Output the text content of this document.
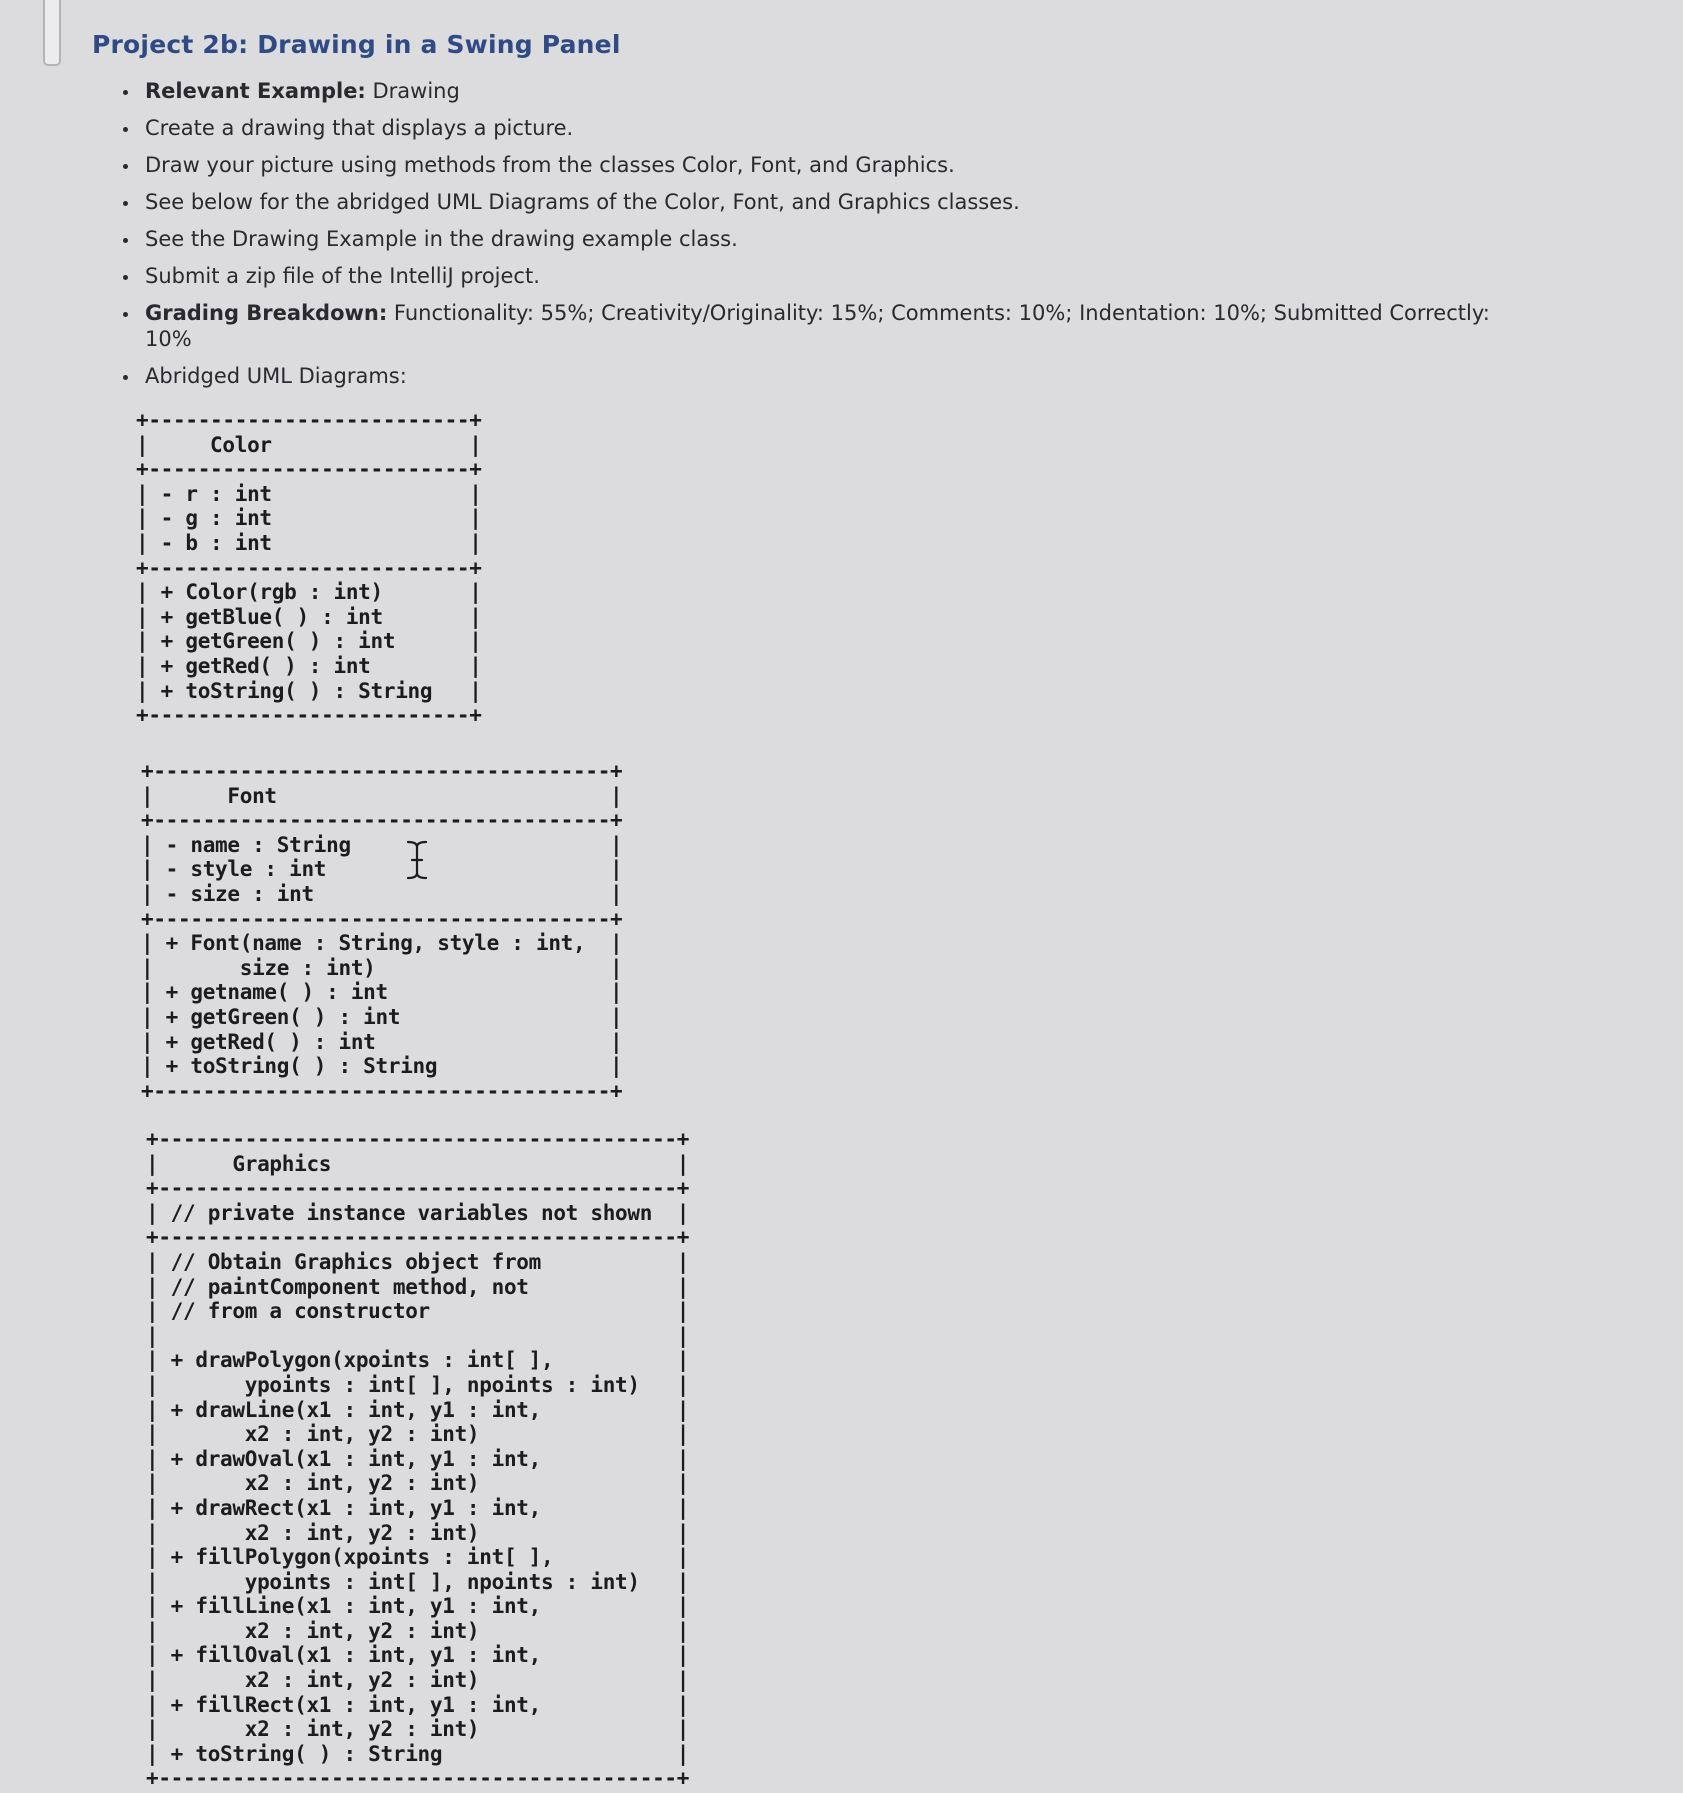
Project 2b: Drawing in a Swing Panel
Relevant Example: Drawing
Create a drawing that displays a picture.
Draw your picture using methods from the classes Color, Font, and Graphics.
See below for the abridged UML Diagrams of the Color, Font, and Graphics classes.
See the Drawing Example in the drawing example class.
Submit a zip file of the IntelliJ project.
Grading Breakdown: Functionality: 55%; Creativity/Originality: 15%; Comments: 10%; Indentation: 10%; Submitted Correctly: 10%
Abridged UML Diagrams:
+--------------------------+
|     Color                |
+--------------------------+
| - r : int                |
| - g : int                |
| - b : int                |
+--------------------------+
| + Color(rgb : int)       |
| + getBlue( ) : int       |
| + getGreen( ) : int      |
| + getRed( ) : int        |
| + toString( ) : String   |
+--------------------------+
+-------------------------------------+
|      Font                           |
+-------------------------------------+
| - name : String                     |
| - style : int                       |
| - size : int                        |
+-------------------------------------+
| + Font(name : String, style : int,  |
|       size : int)                   |
| + getname( ) : int                  |
| + getGreen( ) : int                 |
| + getRed( ) : int                   |
| + toString( ) : String              |
+-------------------------------------+
+------------------------------------------+
|      Graphics                            |
+------------------------------------------+
| // private instance variables not shown  |
+------------------------------------------+
| // Obtain Graphics object from           |
| // paintComponent method, not            |
| // from a constructor                    |
|                                          |
| + drawPolygon(xpoints : int[ ],          |
|       ypoints : int[ ], npoints : int)   |
| + drawLine(x1 : int, y1 : int,           |
|       x2 : int, y2 : int)                |
| + drawOval(x1 : int, y1 : int,           |
|       x2 : int, y2 : int)                |
| + drawRect(x1 : int, y1 : int,           |
|       x2 : int, y2 : int)                |
| + fillPolygon(xpoints : int[ ],          |
|       ypoints : int[ ], npoints : int)   |
| + fillLine(x1 : int, y1 : int,           |
|       x2 : int, y2 : int)                |
| + fillOval(x1 : int, y1 : int,           |
|       x2 : int, y2 : int)                |
| + fillRect(x1 : int, y1 : int,           |
|       x2 : int, y2 : int)                |
| + toString( ) : String                   |
+------------------------------------------+
